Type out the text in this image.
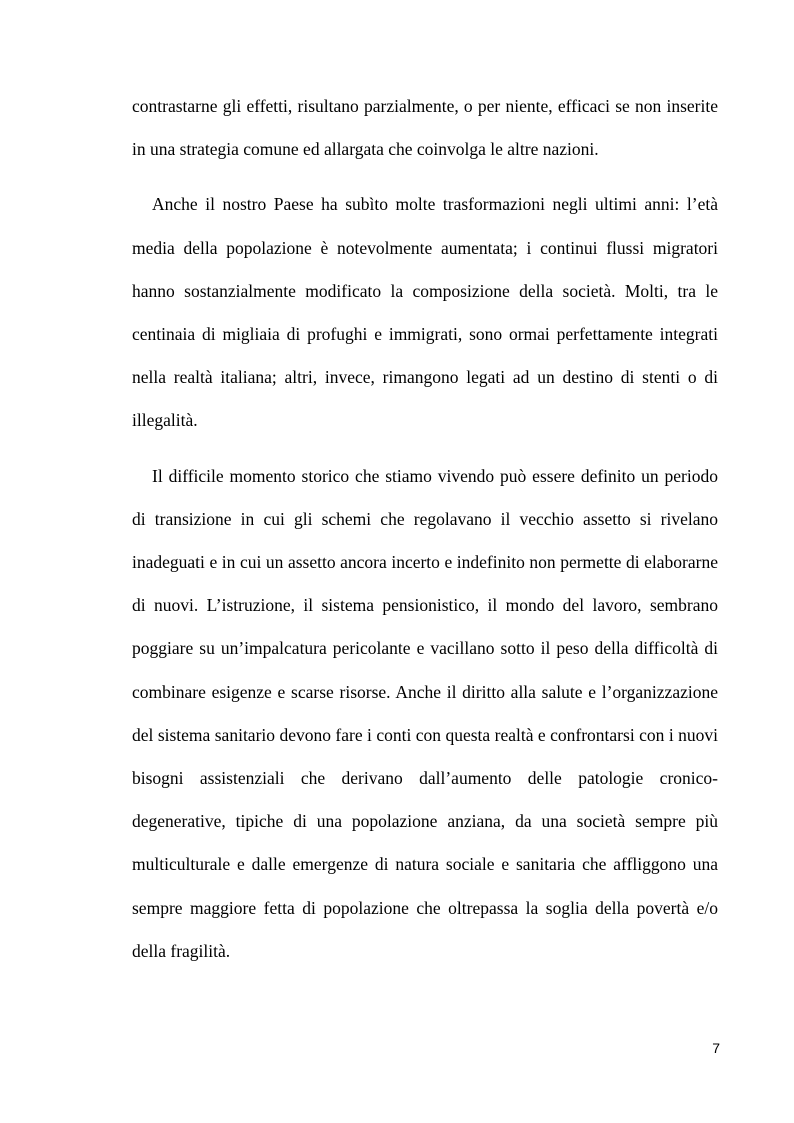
contrastarne gli effetti, risultano parzialmente, o per niente, efficaci se non inserite in una strategia comune ed allargata che coinvolga le altre nazioni.

Anche il nostro Paese ha subìto molte trasformazioni negli ultimi anni: l’età media della popolazione è notevolmente aumentata; i continui flussi migratori hanno sostanzialmente modificato la composizione della società. Molti, tra le centinaia di migliaia di profughi e immigrati, sono ormai perfettamente integrati nella realtà italiana; altri, invece, rimangono legati ad un destino di stenti o di illegalità.

Il difficile momento storico che stiamo vivendo può essere definito un periodo di transizione in cui gli schemi che regolavano il vecchio assetto si rivelano inadeguati e in cui un assetto ancora incerto e indefinito non permette di elaborarne di nuovi. L’istruzione, il sistema pensionistico, il mondo del lavoro, sembrano poggiare su un’impalcatura pericolante e vacillano sotto il peso della difficoltà di combinare esigenze e scarse risorse. Anche il diritto alla salute e l’organizzazione del sistema sanitario devono fare i conti con questa realtà e confrontarsi con i nuovi bisogni assistenziali che derivano dall’aumento delle patologie cronico-degenerative, tipiche di una popolazione anziana, da una società sempre più multiculturale e dalle emergenze di natura sociale e sanitaria che affliggono una sempre maggiore fetta di popolazione che oltrepassa la soglia della povertà e/o della fragilità.

7
